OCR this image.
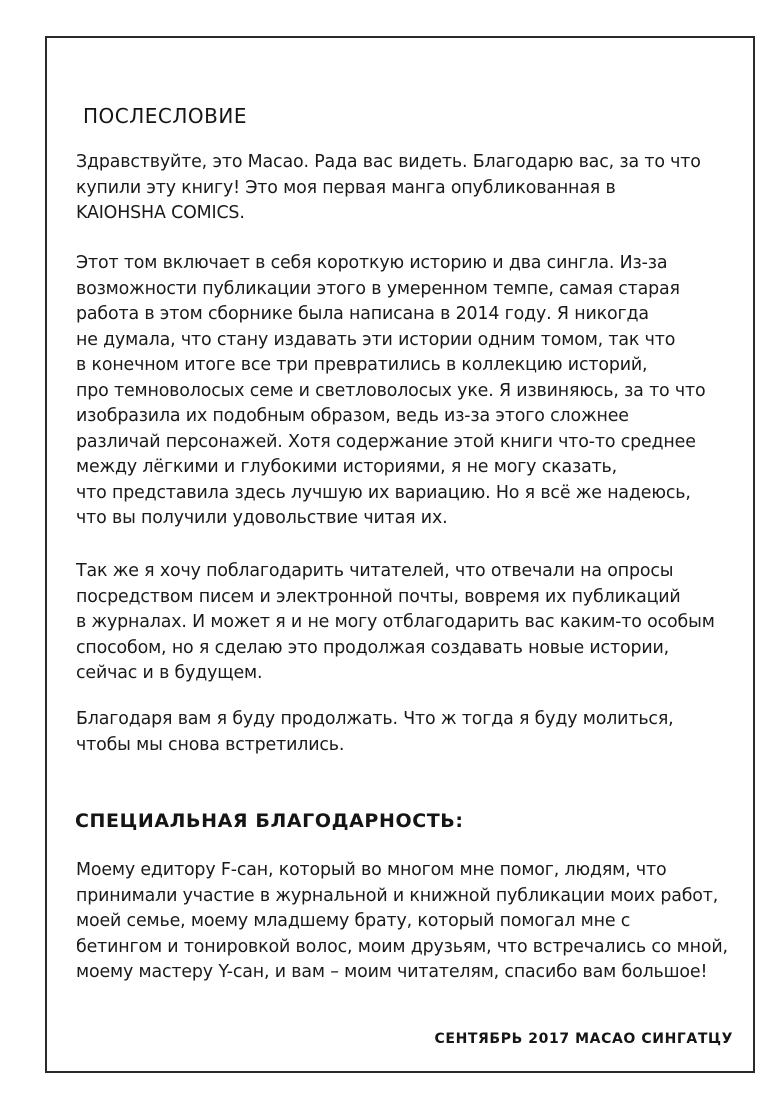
ПОСЛЕСЛОВИЕ

Здравствуйте, это Масао. Рада вас видеть. Благодарю вас, за то что
купили эту книгу! Это моя первая манга опубликованная в
KAIOHSHA COMICS.

Этот том включает в себя короткую историю и два сингла. Из-за
возможности публикации этого в умеренном темпе, самая старая
работа в этом сборнике была написана в 2014 году. Я никогда
не думала, что стану издавать эти истории одним томом, так что
в конечном итоге все три превратились в коллекцию историй,
про темноволосых семе и светловолосых уке. Я извиняюсь, за то что
изобразила их подобным образом, ведь из-за этого сложнее
различай персонажей. Хотя содержание этой книги что-то среднее
между лёгкими и глубокими историями, я не могу сказать,
что представила здесь лучшую их вариацию. Но я всё же надеюсь,
что вы получили удовольствие читая их.

Так же я хочу поблагодарить читателей, что отвечали на опросы
посредством писем и электронной почты, вовремя их публикаций
в журналах. И может я и не могу отблагодарить вас каким-то особым
способом, но я сделаю это продолжая создавать новые истории,
сейчас и в будущем.

Благодаря вам я буду продолжать. Что ж тогда я буду молиться,
чтобы мы снова встретились.

СПЕЦИАЛЬНАЯ БЛАГОДАРНОСТЬ:

Моему едитору F-сан, который во многом мне помог, людям, что
принимали участие в журнальной и книжной публикации моих работ,
моей семье, моему младшему брату, который помогал мне с
бетингом и тонировкой волос, моим друзьям, что встречались со мной,
моему мастеру Y-сан, и вам – моим читателям, спасибо вам большое!

СЕНТЯБРЬ 2017 МАСАО СИНГАТЦУ
